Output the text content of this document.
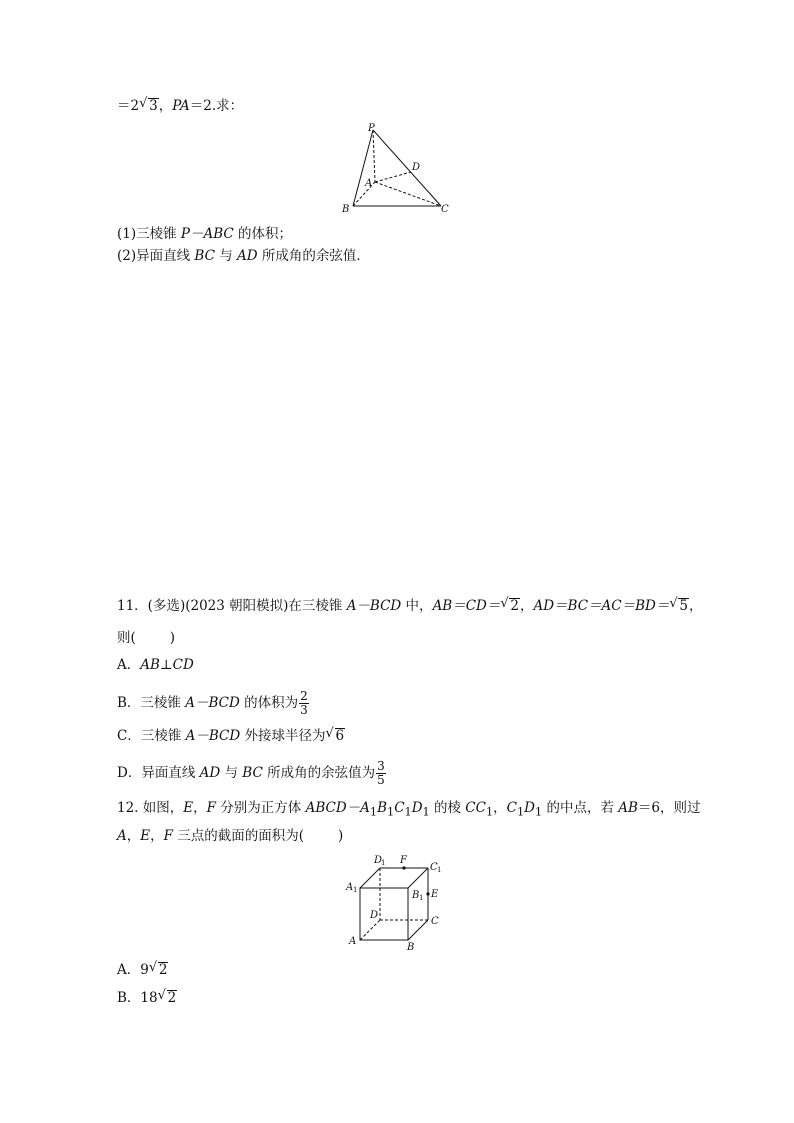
＝2 √ 3，PA＝2.求：
P
D
A
B	C
(1)三棱锥 P－ABC 的体积；
(2)异面直线 BC 与 AD 所成角的余弦值．
11．(多选)(2023 朝阳模拟)在三棱锥 A－BCD 中，AB＝CD＝ √ 2，AD＝BC＝AC＝BD＝ √ 5，
则(	)
A．AB⊥CD
B．三棱锥 A－BCD 的体积为 $\frac{2}{3}$
C．三棱锥 A－BCD 外接球半径为 √ 6
D．异面直线 AD 与 BC 所成角的余弦值为 $\frac{3}{5}$
12. 如图，E，F 分别为正方体 $ABCD-A_1B_1C_1D_1$ 的棱 $CC_1$，$C_1D_1$ 的中点，若 AB＝6，则过
A，E，F 三点的截面的面积为(	)
D
1 F
C 1
A 1	B 1 E
D
C
A
B
A．9 √ 2
B．18 √ 2
